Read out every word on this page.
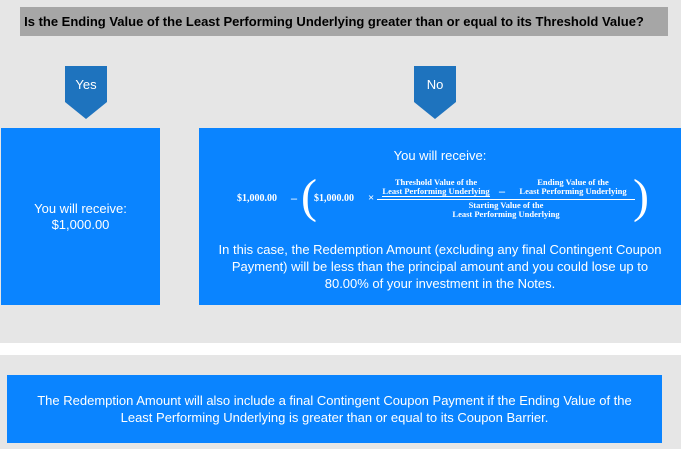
Is the Ending Value of the Least Performing Underlying greater than or equal to its Threshold Value?
Yes	No
You will receive:
$1,000.00
You will receive:
$1,000.00 – (
$1,000.00 ×
Threshold Value of the
Least Performing Underlying –
Ending Value of the
Least Performing Underlying
Starting Value of the
Least Performing Underlying	)
In this case, the Redemption Amount (excluding any final Contingent Coupon Payment) will be less than the principal amount and you could lose up to 80.00% of your investment in the Notes.
The Redemption Amount will also include a final Contingent Coupon Payment if the Ending Value of the Least Performing Underlying is greater than or equal to its Coupon Barrier.
